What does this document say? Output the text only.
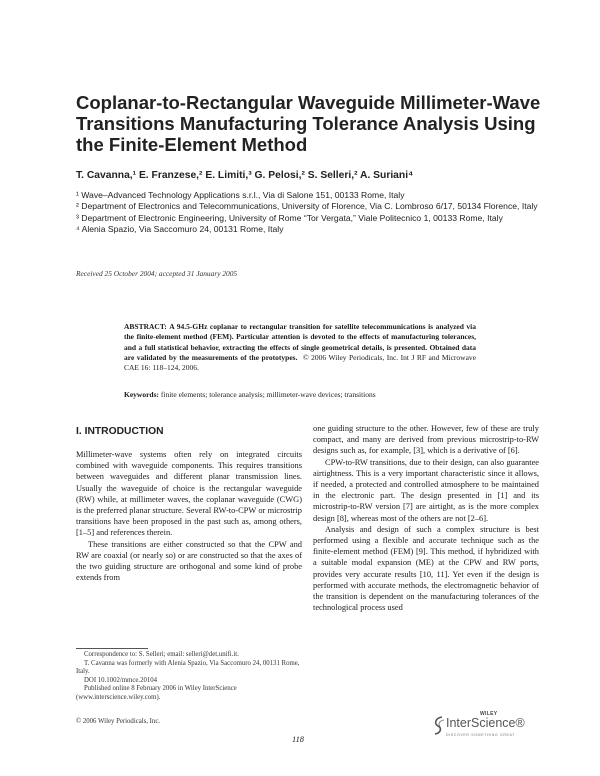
Coplanar-to-Rectangular Waveguide Millimeter-Wave Transitions Manufacturing Tolerance Analysis Using the Finite-Element Method
T. Cavanna,¹ E. Franzese,² E. Limiti,³ G. Pelosi,² S. Selleri,² A. Suriani⁴

¹ Wave–Advanced Technology Applications s.r.l., Via di Salone 151, 00133 Rome, Italy

² Department of Electronics and Telecommunications, University of Florence, Via C. Lombroso 6/17, 50134 Florence, Italy

³ Department of Electronic Engineering, University of Rome “Tor Vergata,” Viale Politecnico 1, 00133 Rome, Italy

⁴ Alenia Spazio, Via Saccomuro 24, 00131 Rome, Italy

Received 25 October 2004; accepted 31 January 2005
ABSTRACT: A 94.5-GHz coplanar to rectangular transition for satellite telecommunications is analyzed via the finite-element method (FEM). Particular attention is devoted to the effects of manufacturing tolerances, and a full statistical behavior, extracting the effects of single geometrical details, is presented. Obtained data are validated by the measurements of the prototypes. © 2006 Wiley Periodicals, Inc. Int J RF and Microwave CAE 16: 118–124, 2006.
Keywords: finite elements; tolerance analysis; millimeter-wave devices; transitions
I. INTRODUCTION

Millimeter-wave systems often rely on integrated circuits combined with waveguide components. This requires transitions between waveguides and different planar transmission lines. Usually the waveguide of choice is the rectangular waveguide (RW) while, at millimeter waves, the coplanar waveguide (CWG) is the preferred planar structure. Several RW-to-CPW or microstrip transitions have been proposed in the past such as, among others, [1–5] and references therein.

These transitions are either constructed so that the CPW and RW are coaxial (or nearly so) or are constructed so that the axes of the two guiding structure are orthogonal and some kind of probe extends from

one guiding structure to the other. However, few of these are truly compact, and many are derived from previous microstrip-to-RW designs such as, for example, [3], which is a derivative of [6].

CPW-to-RW transitions, due to their design, can also guarantee airtightness. This is a very important characteristic since it allows, if needed, a protected and controlled atmosphere to be maintained in the electronic part. The design presented in [1] and its microstrip-to-RW version [7] are airtight, as is the more complex design [8], whereas most of the others are not [2–6].

Analysis and design of such a complex structure is best performed using a flexible and accurate technique such as the finite-element method (FEM) [9]. This method, if hybridized with a suitable modal expansion (ME) at the CPW and RW ports, provides very accurate results [10, 11]. Yet even if the design is performed with accurate methods, the electromagnetic behavior of the transition is dependent on the manufacturing tolerances of the technological process used

Correspondence to: S. Selleri; email: selleri@det.unifi.it.

T. Cavanna was formerly with Alenia Spazio, Via Saccomuro 24, 00131 Rome, Italy.

DOI 10.1002/mmce.20104

Published online 8 February 2006 in Wiley InterScience (www.interscience.wiley.com).

© 2006 Wiley Periodicals, Inc.
118
WILEY
InterScience®
DISCOVER SOMETHING GREAT
